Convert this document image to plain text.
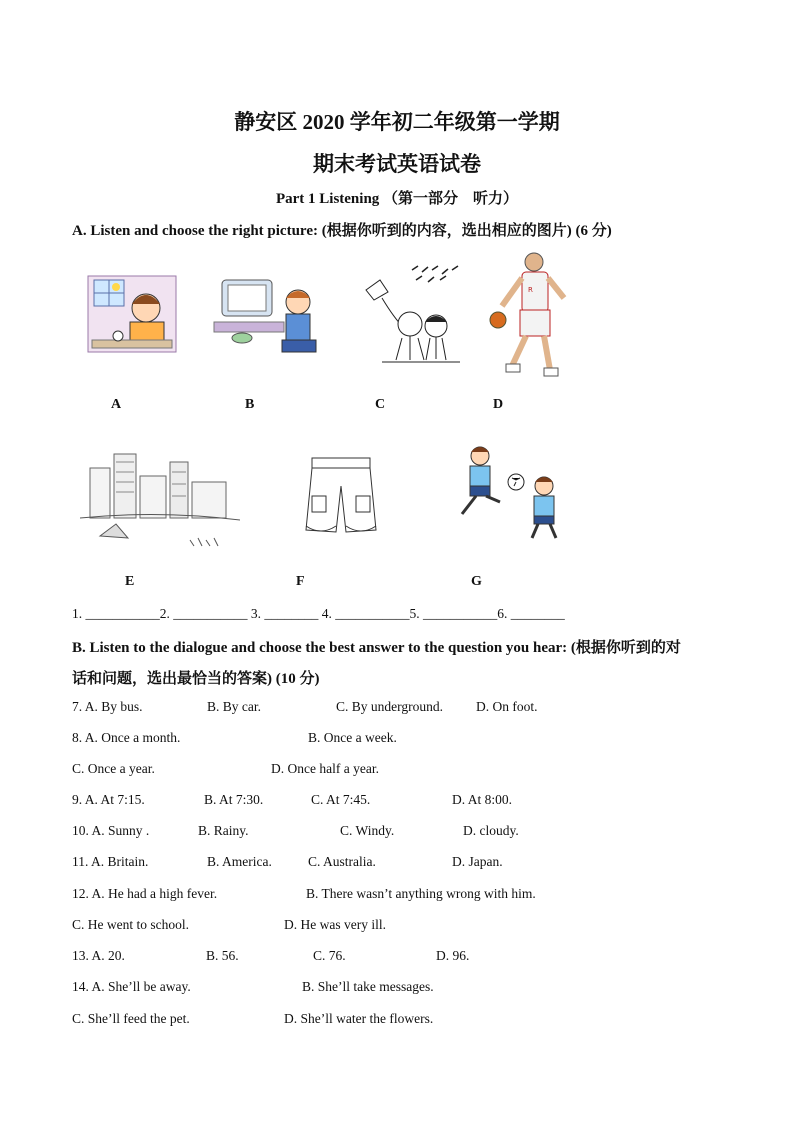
静安区 2020 学年初二年级第一学期
期末考试英语试卷
Part 1 Listening （第一部分　听力）
A. Listen and choose the right picture: (根据你听到的内容，选出相应的图片) (6 分)
R
A	B	C	D
E	F	G
1. ___________2. ___________ 3. ________ 4. ___________5. ___________6. ________
B. Listen to the dialogue and choose the best answer to the question you hear: (根据你听到的对
话和问题，选出最恰当的答案) (10 分)
7. A. By bus.	B. By car.	C. By underground. D. On foot.
8. A. Once a month.	B. Once a week.
C. Once a year.	D. Once half a year.
9. A. At 7:15.	B. At 7:30.	C. At 7:45.	D. At 8:00.
10. A. Sunny .	B. Rainy.	C. Windy.	D. cloudy.
11. A. Britain.	B. America.	C. Australia.	D. Japan.
12. A. He had a high fever.	B. There wasn’t anything wrong with him.
C. He went to school.	D. He was very ill.
13. A. 20.	B. 56.	C. 76.	D. 96.
14. A. She’ll be away.	B. She’ll take messages.
C. She’ll feed the pet.	D. She’ll water the flowers.
